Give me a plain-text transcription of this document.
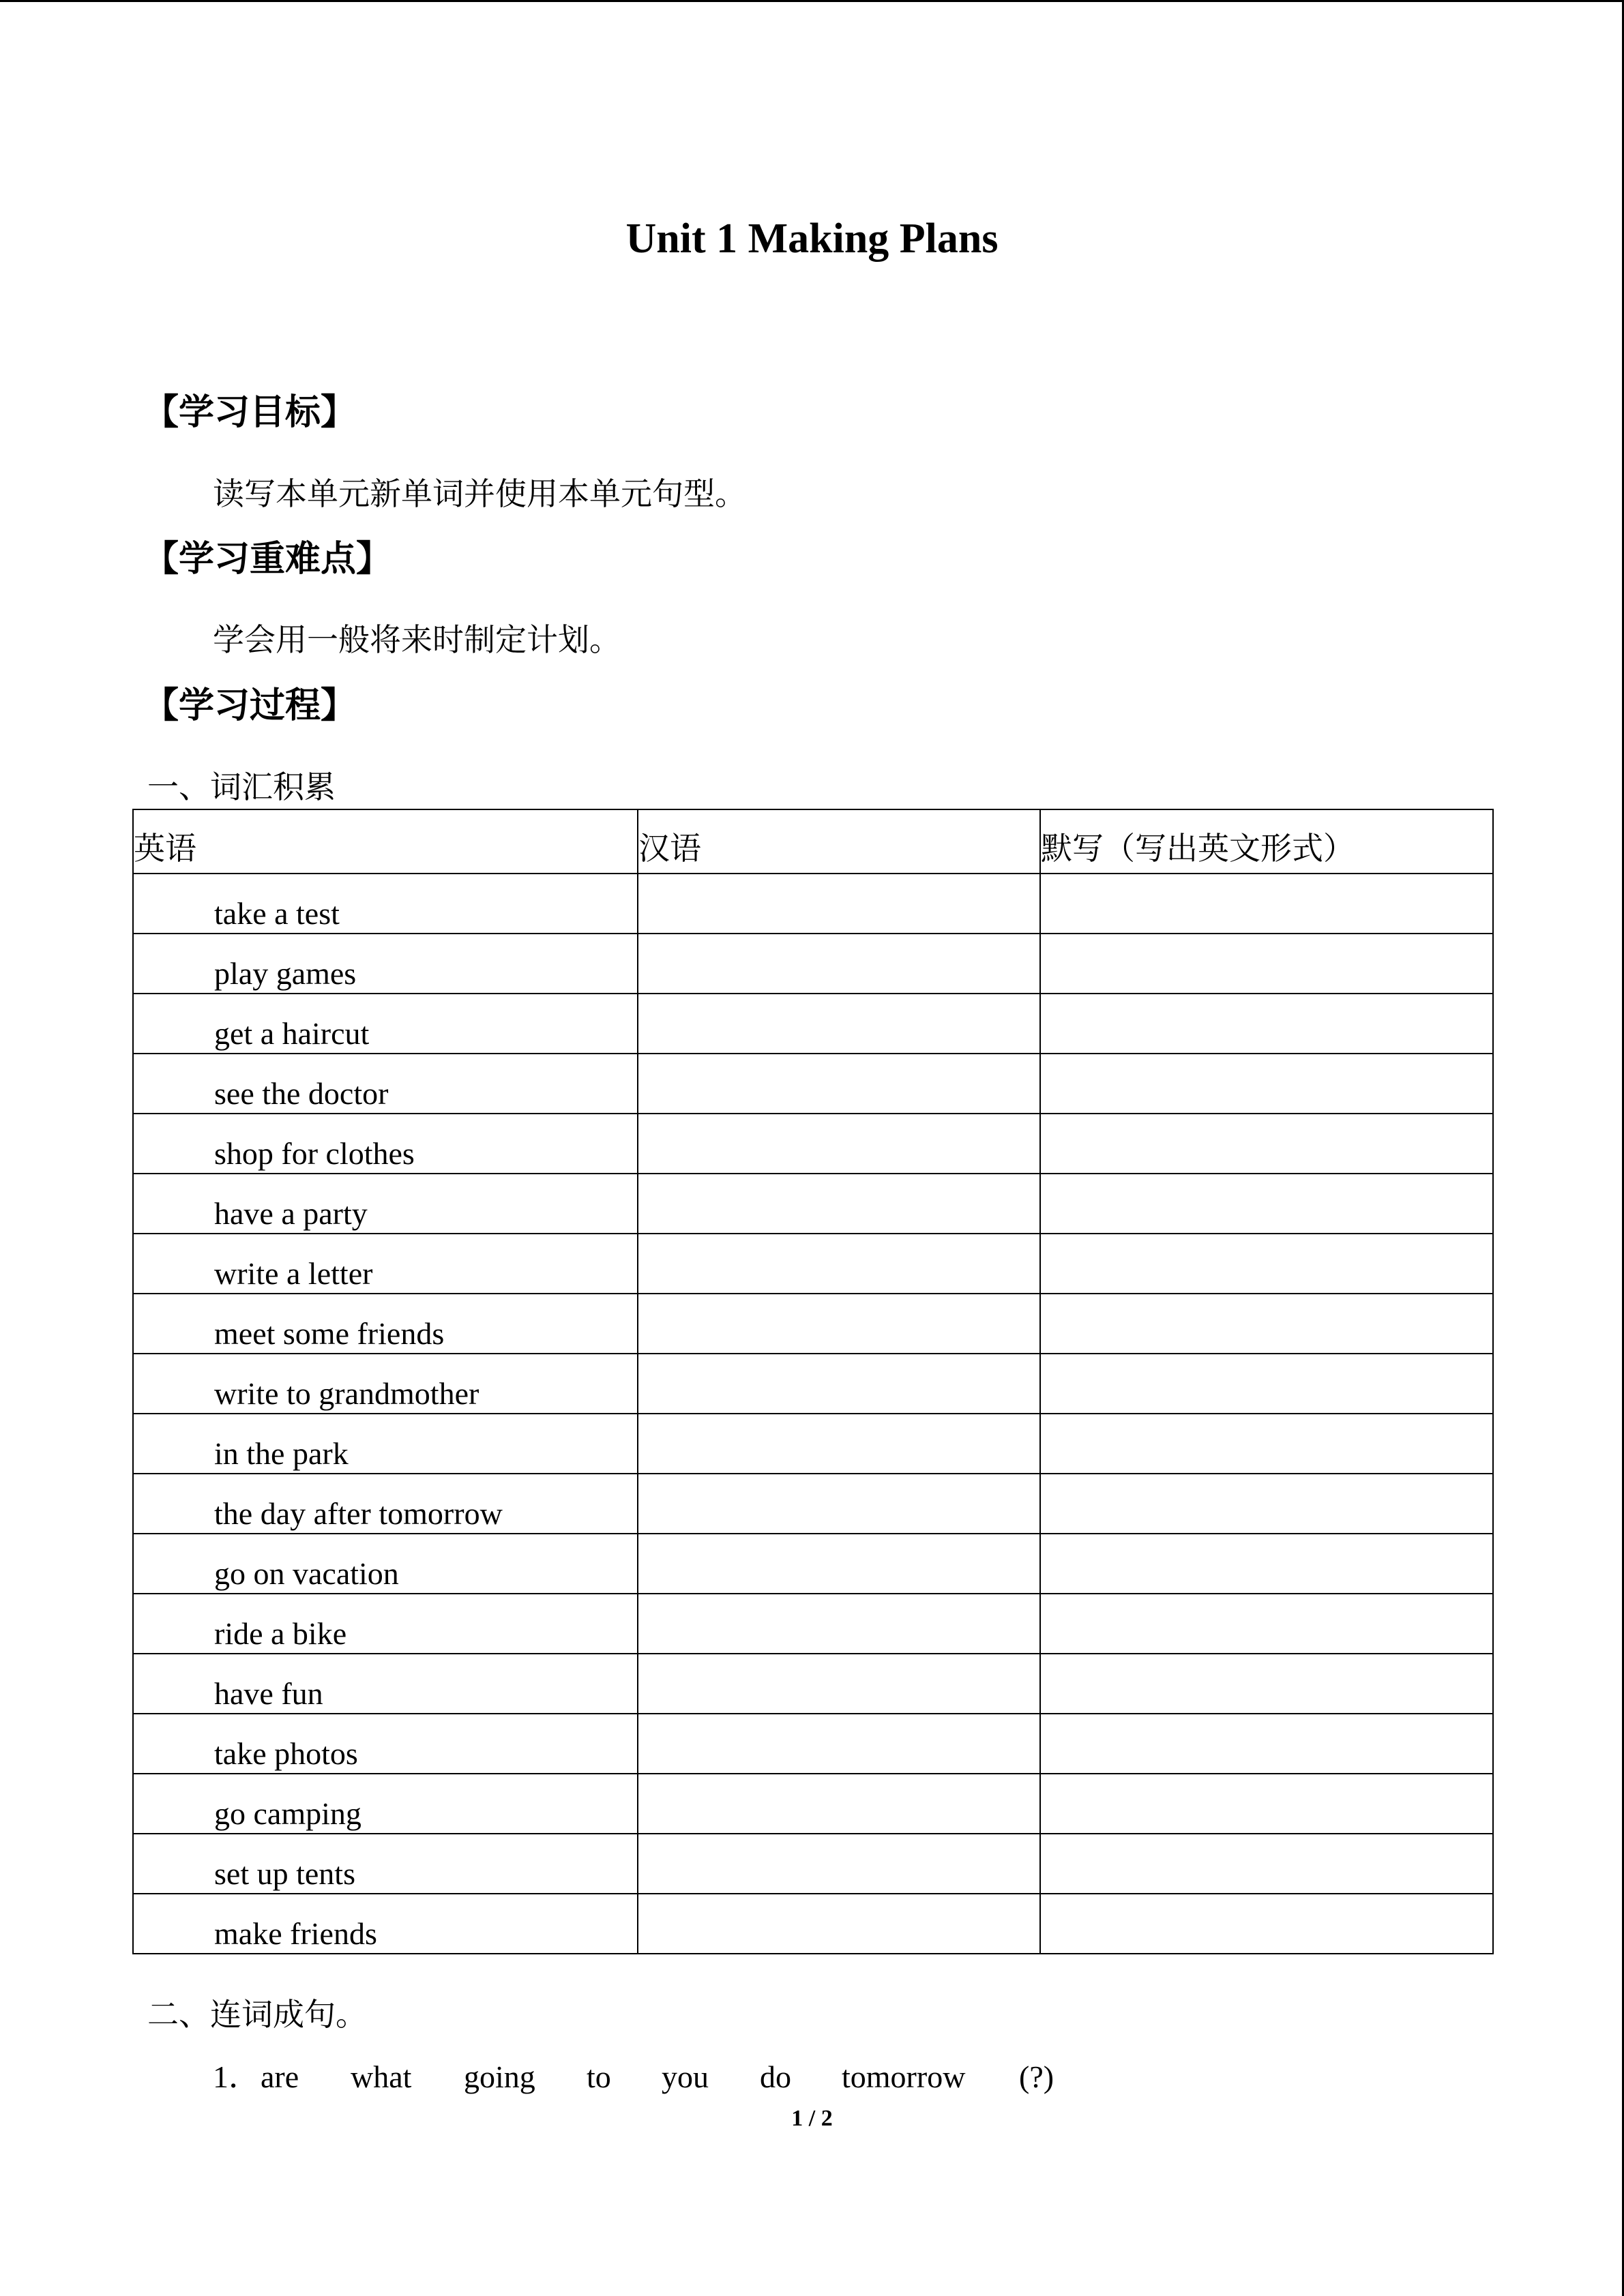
Unit 1 Making Plans
【学习目标】
读写本单元新单词并使用本单元句型。
【学习重难点】
学会用一般将来时制定计划。
【学习过程】
一、词汇积累
英语	汉语	默写（写出英文形式）
take a test		
play games		
get a haircut		
see the doctor		
shop for clothes		
have a party		
write a letter		
meet some friends		
write to grandmother		
in the park		
the day after tomorrow		
go on vacation		
ride a bike		
have fun		
take photos		
go camping		
set up tents		
make friends		
二、连词成句。
1． are what going to you do tomorrow (?)
1 / 2
